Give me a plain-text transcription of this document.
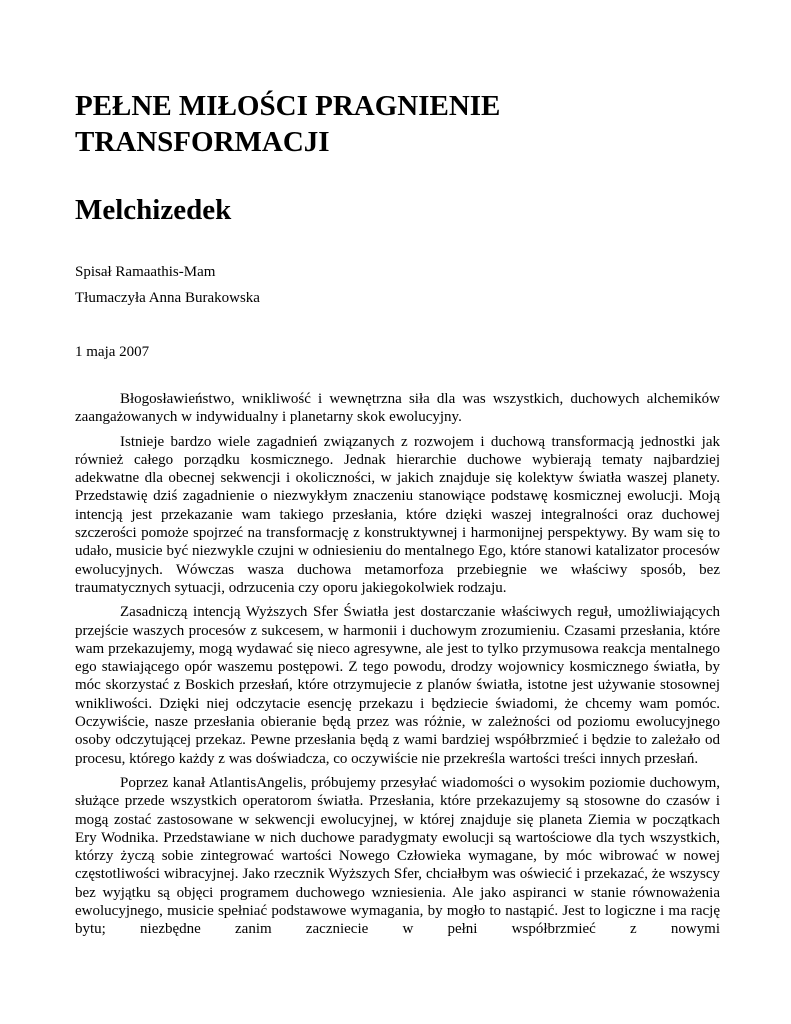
PEŁNE MIŁOŚCI PRAGNIENIE TRANSFORMACJI
Melchizedek

Spisał Ramaathis-Mam

Tłumaczyła Anna Burakowska

1 maja 2007

Błogosławieństwo, wnikliwość i wewnętrzna siła dla was wszystkich, duchowych alchemików zaangażowanych w indywidualny i planetarny skok ewolucyjny.

Istnieje bardzo wiele zagadnień związanych z rozwojem i duchową transformacją jednostki jak również całego porządku kosmicznego. Jednak hierarchie duchowe wybierają tematy najbardziej adekwatne dla obecnej sekwencji i okoliczności, w jakich znajduje się kolektyw światła waszej planety. Przedstawię dziś zagadnienie o niezwykłym znaczeniu stanowiące podstawę kosmicznej ewolucji. Moją intencją jest przekazanie wam takiego przesłania, które dzięki waszej integralności oraz duchowej szczerości pomoże spojrzeć na transformację z konstruktywnej i harmonijnej perspektywy. By wam się to udało, musicie być niezwykle czujni w odniesieniu do mentalnego Ego, które stanowi katalizator procesów ewolucyjnych. Wówczas wasza duchowa metamorfoza przebiegnie we właściwy sposób, bez traumatycznych sytuacji, odrzucenia czy oporu jakiegokolwiek rodzaju.

Zasadniczą intencją Wyższych Sfer Światła jest dostarczanie właściwych reguł, umożliwiających przejście waszych procesów z sukcesem, w harmonii i duchowym zrozumieniu. Czasami przesłania, które wam przekazujemy, mogą wydawać się nieco agresywne, ale jest to tylko przymusowa reakcja mentalnego ego stawiającego opór waszemu postępowi. Z tego powodu, drodzy wojownicy kosmicznego światła, by móc skorzystać z Boskich przesłań, które otrzymujecie z planów światła, istotne jest używanie stosownej wnikliwości. Dzięki niej odczytacie esencję przekazu i będziecie świadomi, że chcemy wam pomóc. Oczywiście, nasze przesłania obieranie będą przez was różnie, w zależności od poziomu ewolucyjnego osoby odczytującej przekaz. Pewne przesłania będą z wami bardziej współbrzmieć i będzie to zależało od procesu, którego każdy z was doświadcza, co oczywiście nie przekreśla wartości treści innych przesłań.

Poprzez kanał AtlantisAngelis, próbujemy przesyłać wiadomości o wysokim poziomie duchowym, służące przede wszystkich operatorom światła. Przesłania, które przekazujemy są stosowne do czasów i mogą zostać zastosowane w sekwencji ewolucyjnej, w której znajduje się planeta Ziemia w początkach Ery Wodnika. Przedstawiane w nich duchowe paradygmaty ewolucji są wartościowe dla tych wszystkich, którzy życzą sobie zintegrować wartości Nowego Człowieka wymagane, by móc wibrować w nowej częstotliwości wibracyjnej. Jako rzecznik Wyższych Sfer, chciałbym was oświecić i przekazać, że wszyscy bez wyjątku są objęci programem duchowego wzniesienia. Ale jako aspiranci w stanie równoważenia ewolucyjnego, musicie spełniać podstawowe wymagania, by mogło to nastąpić. Jest to logiczne i ma rację bytu; niezbędne zanim zaczniecie w pełni współbrzmieć z nowymi
